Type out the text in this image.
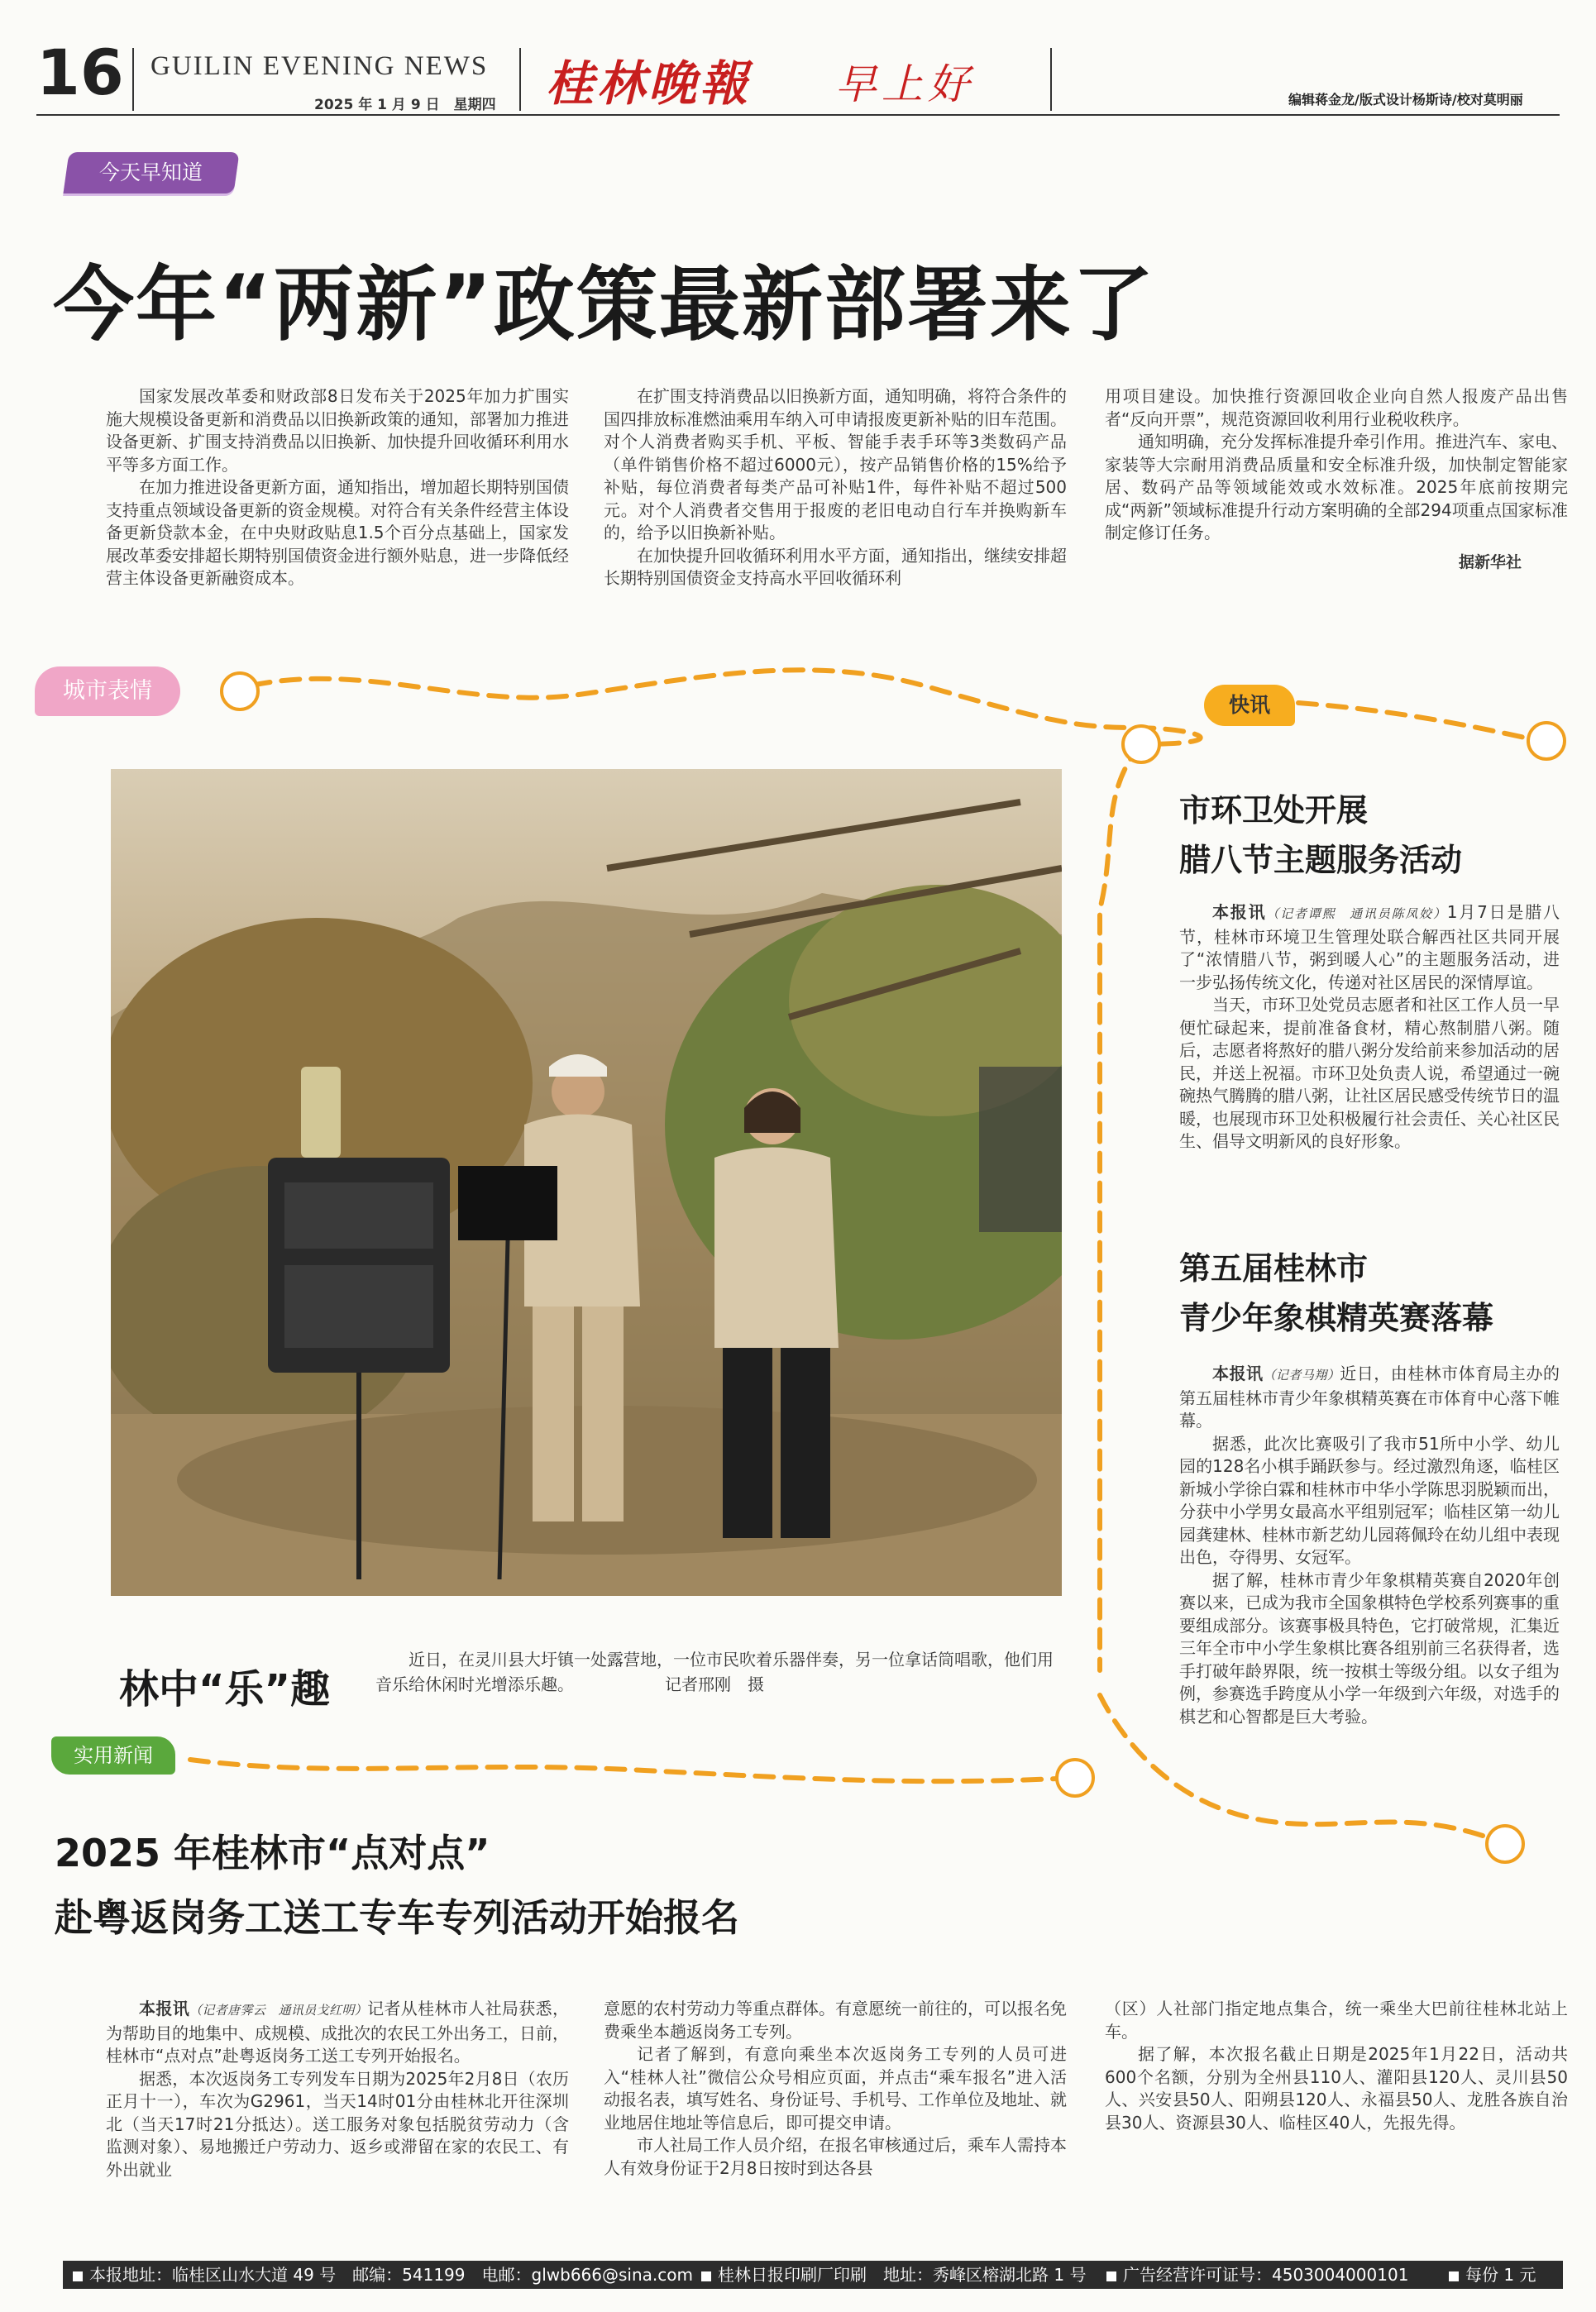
16 GUILIN EVENING NEWS
2025 年 1 月 9 日　星期四 桂林晚報 早上好	编辑蒋金龙/版式设计杨斯诗/校对莫明丽
今天早知道
今年“两新”政策最新部署来了

国家发展改革委和财政部8日发布关于2025年加力扩围实施大规模设备更新和消费品以旧换新政策的通知，部署加力推进设备更新、扩围支持消费品以旧换新、加快提升回收循环利用水平等多方面工作。

在加力推进设备更新方面，通知指出，增加超长期特别国债支持重点领域设备更新的资金规模。对符合有关条件经营主体设备更新贷款本金，在中央财政贴息1.5个百分点基础上，国家发展改革委安排超长期特别国债资金进行额外贴息，进一步降低经营主体设备更新融资成本。

在扩围支持消费品以旧换新方面，通知明确，将符合条件的国四排放标准燃油乘用车纳入可申请报废更新补贴的旧车范围。对个人消费者购买手机、平板、智能手表手环等3类数码产品（单件销售价格不超过6000元），按产品销售价格的15%给予补贴，每位消费者每类产品可补贴1件，每件补贴不超过500元。对个人消费者交售用于报废的老旧电动自行车并换购新车的，给予以旧换新补贴。

在加快提升回收循环利用水平方面，通知指出，继续安排超长期特别国债资金支持高水平回收循环利

用项目建设。加快推行资源回收企业向自然人报废产品出售者“反向开票”，规范资源回收利用行业税收秩序。

通知明确，充分发挥标准提升牵引作用。推进汽车、家电、家装等大宗耐用消费品质量和安全标准升级，加快制定智能家居、数码产品等领域能效或水效标准。2025年底前按期完成“两新”领域标准提升行动方案明确的全部294项重点国家标准制定修订任务。

据新华社
城市表情
快讯
林中“乐”趣

近日，在灵川县大圩镇一处露营地，一位市民吹着乐器伴奏，另一位拿话筒唱歌，他们用音乐给休闲时光增添乐趣。　　　　　　记者邢刚　摄

市环卫处开展
腊八节主题服务活动

本报讯（记者谭熙　通讯员陈凤姣）1月7日是腊八节，桂林市环境卫生管理处联合解西社区共同开展了“浓情腊八节，粥到暖人心”的主题服务活动，进一步弘扬传统文化，传递对社区居民的深情厚谊。

当天，市环卫处党员志愿者和社区工作人员一早便忙碌起来，提前准备食材，精心熬制腊八粥。随后，志愿者将熬好的腊八粥分发给前来参加活动的居民，并送上祝福。市环卫处负责人说，希望通过一碗碗热气腾腾的腊八粥，让社区居民感受传统节日的温暖，也展现市环卫处积极履行社会责任、关心社区民生、倡导文明新风的良好形象。

第五届桂林市
青少年象棋精英赛落幕

本报讯（记者马翔）近日，由桂林市体育局主办的第五届桂林市青少年象棋精英赛在市体育中心落下帷幕。

据悉，此次比赛吸引了我市51所中小学、幼儿园的128名小棋手踊跃参与。经过激烈角逐，临桂区新城小学徐白霖和桂林市中华小学陈思羽脱颖而出，分获中小学男女最高水平组别冠军；临桂区第一幼儿园龚建林、桂林市新艺幼儿园蒋佩玲在幼儿组中表现出色，夺得男、女冠军。

据了解，桂林市青少年象棋精英赛自2020年创赛以来，已成为我市全国象棋特色学校系列赛事的重要组成部分。该赛事极具特色，它打破常规，汇集近三年全市中小学生象棋比赛各组别前三名获得者，选手打破年龄界限，统一按棋士等级分组。以女子组为例，参赛选手跨度从小学一年级到六年级，对选手的棋艺和心智都是巨大考验。

实用新闻
2025 年桂林市“点对点”
赴粤返岗务工送工专车专列活动开始报名

本报讯（记者唐霁云　通讯员戈红明）记者从桂林市人社局获悉，为帮助目的地集中、成规模、成批次的农民工外出务工，日前，桂林市“点对点”赴粤返岗务工送工专列开始报名。

据悉，本次返岗务工专列发车日期为2025年2月8日（农历正月十一），车次为G2961，当天14时01分由桂林北开往深圳北（当天17时21分抵达）。送工服务对象包括脱贫劳动力（含监测对象）、易地搬迁户劳动力、返乡或滞留在家的农民工、有外出就业

意愿的农村劳动力等重点群体。有意愿统一前往的，可以报名免费乘坐本趟返岗务工专列。

记者了解到，有意向乘坐本次返岗务工专列的人员可进入“桂林人社”微信公众号相应页面，并点击“乘车报名”进入活动报名表，填写姓名、身份证号、手机号、工作单位及地址、就业地居住地址等信息后，即可提交申请。

市人社局工作人员介绍，在报名审核通过后，乘车人需持本人有效身份证于2月8日按时到达各县

（区）人社部门指定地点集合，统一乘坐大巴前往桂林北站上车。

据了解，本次报名截止日期是2025年1月22日，活动共600个名额，分别为全州县110人、灌阳县120人、灵川县50人、兴安县50人、阳朔县120人、永福县50人、龙胜各族自治县30人、资源县30人、临桂区40人，先报先得。

本报地址：临桂区山水大道 49 号　邮编：541199　电邮：glwb666@sina.com	桂林日报印刷厂印刷　地址：秀峰区榕湖北路 1 号	广告经营许可证号：4503004000101	每份 1 元
